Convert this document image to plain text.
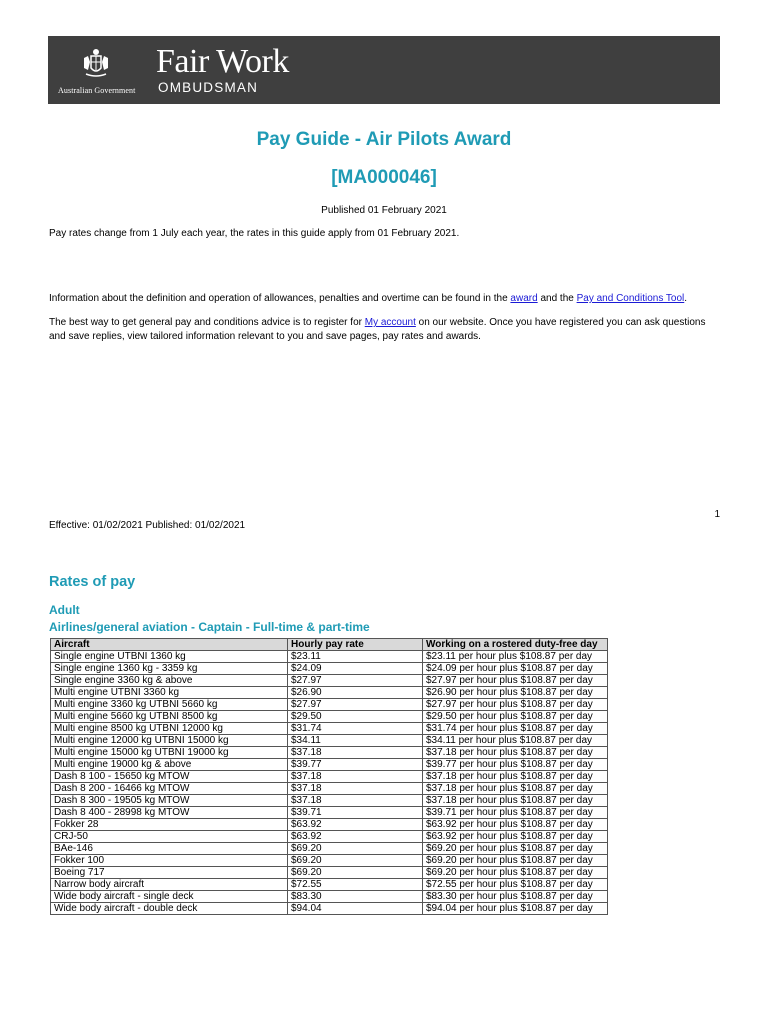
Australian Government
Fair Work
OMBUDSMAN
Pay Guide - Air Pilots Award
[MA000046]
Published 01 February 2021
Pay rates change from 1 July each year, the rates in this guide apply from 01 February 2021.
Information about the definition and operation of allowances, penalties and overtime can be found in the award and the Pay and Conditions Tool.
The best way to get general pay and conditions advice is to register for My account on our website. Once you have registered you can ask questions and save replies, view tailored information relevant to you and save pages, pay rates and awards.
1
Effective: 01/02/2021 Published: 01/02/2021
Rates of pay
Adult
Airlines/general aviation - Captain - Full-time & part-time
Aircraft	Hourly pay rate	Working on a rostered duty-free day
Single engine UTBNI 1360 kg	$23.11	$23.11 per hour plus $108.87 per day
Single engine 1360 kg - 3359 kg	$24.09	$24.09 per hour plus $108.87 per day
Single engine 3360 kg & above	$27.97	$27.97 per hour plus $108.87 per day
Multi engine UTBNI 3360 kg	$26.90	$26.90 per hour plus $108.87 per day
Multi engine 3360 kg UTBNI 5660 kg	$27.97	$27.97 per hour plus $108.87 per day
Multi engine 5660 kg UTBNI 8500 kg	$29.50	$29.50 per hour plus $108.87 per day
Multi engine 8500 kg UTBNI 12000 kg	$31.74	$31.74 per hour plus $108.87 per day
Multi engine 12000 kg UTBNI 15000 kg	$34.11	$34.11 per hour plus $108.87 per day
Multi engine 15000 kg UTBNI 19000 kg	$37.18	$37.18 per hour plus $108.87 per day
Multi engine 19000 kg & above	$39.77	$39.77 per hour plus $108.87 per day
Dash 8 100 - 15650 kg MTOW	$37.18	$37.18 per hour plus $108.87 per day
Dash 8 200 - 16466 kg MTOW	$37.18	$37.18 per hour plus $108.87 per day
Dash 8 300 - 19505 kg MTOW	$37.18	$37.18 per hour plus $108.87 per day
Dash 8 400 - 28998 kg MTOW	$39.71	$39.71 per hour plus $108.87 per day
Fokker 28	$63.92	$63.92 per hour plus $108.87 per day
CRJ-50	$63.92	$63.92 per hour plus $108.87 per day
BAe-146	$69.20	$69.20 per hour plus $108.87 per day
Fokker 100	$69.20	$69.20 per hour plus $108.87 per day
Boeing 717	$69.20	$69.20 per hour plus $108.87 per day
Narrow body aircraft	$72.55	$72.55 per hour plus $108.87 per day
Wide body aircraft - single deck	$83.30	$83.30 per hour plus $108.87 per day
Wide body aircraft - double deck	$94.04	$94.04 per hour plus $108.87 per day
